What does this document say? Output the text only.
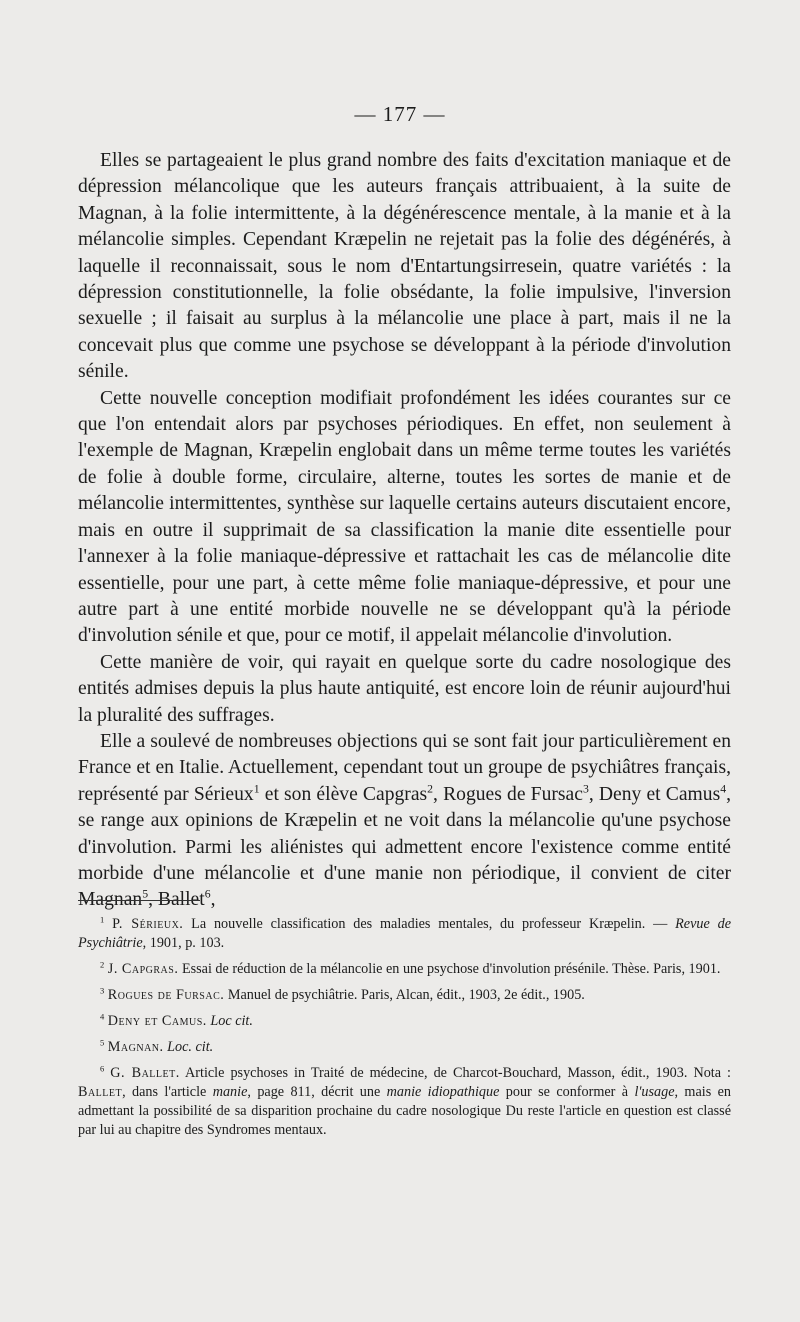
— 177 —

Elles se partageaient le plus grand nombre des faits d'excitation maniaque et de dépression mélancolique que les auteurs français attribuaient, à la suite de Magnan, à la folie intermittente, à la dégénérescence mentale, à la manie et à la mélancolie simples. Cependant Kræpelin ne rejetait pas la folie des dégénérés, à laquelle il reconnaissait, sous le nom d'Entartungsirresein, quatre variétés : la dépression constitutionnelle, la folie obsédante, la folie impulsive, l'inversion sexuelle ; il faisait au surplus à la mélancolie une place à part, mais il ne la concevait plus que comme une psychose se développant à la période d'involution sénile.

Cette nouvelle conception modifiait profondément les idées courantes sur ce que l'on entendait alors par psychoses périodiques. En effet, non seulement à l'exemple de Magnan, Kræpelin englobait dans un même terme toutes les variétés de folie à double forme, circulaire, alterne, toutes les sortes de manie et de mélancolie intermittentes, synthèse sur laquelle certains auteurs discutaient encore, mais en outre il supprimait de sa classification la manie dite essentielle pour l'annexer à la folie maniaque-dépressive et rattachait les cas de mélancolie dite essentielle, pour une part, à cette même folie maniaque-dépressive, et pour une autre part à une entité morbide nouvelle ne se développant qu'à la période d'involution sénile et que, pour ce motif, il appelait mélancolie d'involution.

Cette manière de voir, qui rayait en quelque sorte du cadre nosologique des entités admises depuis la plus haute antiquité, est encore loin de réunir aujourd'hui la pluralité des suffrages.

Elle a soulevé de nombreuses objections qui se sont fait jour particulièrement en France et en Italie. Actuellement, cependant tout un groupe de psychiâtres français, représenté par Sérieux$^1$ et son élève Capgras$^2$, Rogues de Fursac$^3$, Deny et Camus$^4$, se range aux opinions de Kræpelin et ne voit dans la mélancolie qu'une psychose d'involution. Parmi les aliénistes qui admettent encore l'existence comme entité morbide d'une mélancolie et d'une manie non périodique, il convient de citer Magnan$^5$, Ballet$^6$,

$^1$ P. Sérieux. La nouvelle classification des maladies mentales, du professeur Kræpelin. — Revue de Psychiâtrie, 1901, p. 103.

$^2$ J. Capgras. Essai de réduction de la mélancolie en une psychose d'involution présénile. Thèse. Paris, 1901.

$^3$ Rogues de Fursac. Manuel de psychiâtrie. Paris, Alcan, édit., 1903, 2e édit., 1905.

$^4$ Deny et Camus. Loc cit.

$^5$ Magnan. Loc. cit.

$^6$ G. Ballet. Article psychoses in Traité de médecine, de Charcot-Bouchard, Masson, édit., 1903. Nota : Ballet, dans l'article manie, page 811, décrit une manie idiopathique pour se conformer à l'usage, mais en admettant la possibilité de sa disparition prochaine du cadre nosologique Du reste l'article en question est classé par lui au chapitre des Syndromes mentaux.
